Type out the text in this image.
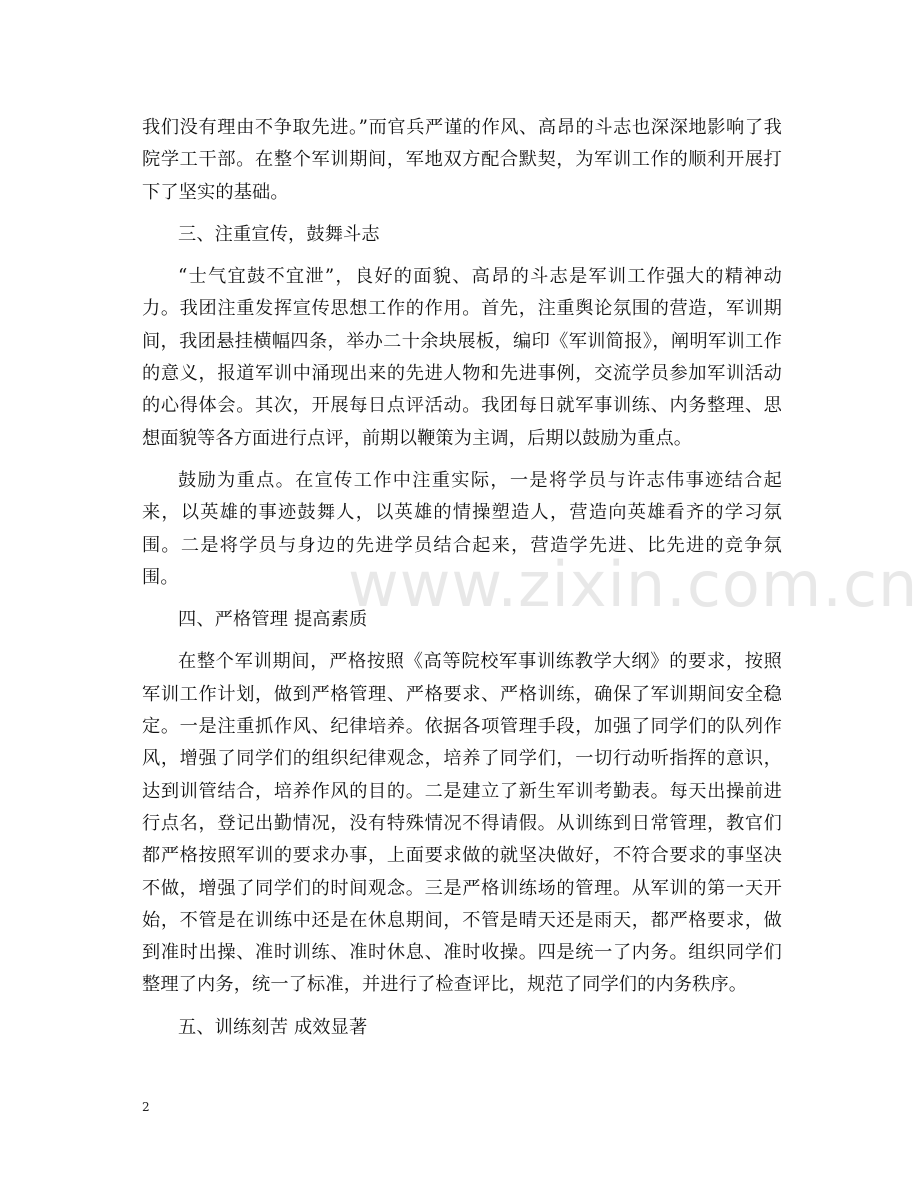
我们没有理由不争取先进。”而官兵严谨的作风、高昂的斗志也深深地影响了我院学工干部。在整个军训期间，军地双方配合默契，为军训工作的顺利开展打下了坚实的基础。

三、注重宣传，鼓舞斗志

“士气宜鼓不宜泄”，良好的面貌、高昂的斗志是军训工作强大的精神动力。我团注重发挥宣传思想工作的作用。首先，注重舆论氛围的营造，军训期间，我团悬挂横幅四条，举办二十余块展板，编印《军训简报》，阐明军训工作的意义，报道军训中涌现出来的先进人物和先进事例，交流学员参加军训活动的心得体会。其次，开展每日点评活动。我团每日就军事训练、内务整理、思想面貌等各方面进行点评，前期以鞭策为主调，后期以鼓励为重点。

鼓励为重点。在宣传工作中注重实际，一是将学员与许志伟事迹结合起来，以英雄的事迹鼓舞人，以英雄的情操塑造人，营造向英雄看齐的学习氛围。二是将学员与身边的先进学员结合起来，营造学先进、比先进的竞争氛围。

四、严格管理 提高素质

在整个军训期间，严格按照《高等院校军事训练教学大纲》的要求，按照军训工作计划，做到严格管理、严格要求、严格训练，确保了军训期间安全稳定。一是注重抓作风、纪律培养。依据各项管理手段，加强了同学们的队列作风，增强了同学们的组织纪律观念，培养了同学们，一切行动听指挥的意识，达到训管结合，培养作风的目的。二是建立了新生军训考勤表。每天出操前进行点名，登记出勤情况，没有特殊情况不得请假。从训练到日常管理，教官们都严格按照军训的要求办事，上面要求做的就坚决做好，不符合要求的事坚决不做，增强了同学们的时间观念。三是严格训练场的管理。从军训的第一天开始，不管是在训练中还是在休息期间，不管是晴天还是雨天，都严格要求，做到准时出操、准时训练、准时休息、准时收操。四是统一了内务。组织同学们整理了内务，统一了标准，并进行了检查评比，规范了同学们的内务秩序。

五、训练刻苦 成效显著

www.zixin.com.cn
2
